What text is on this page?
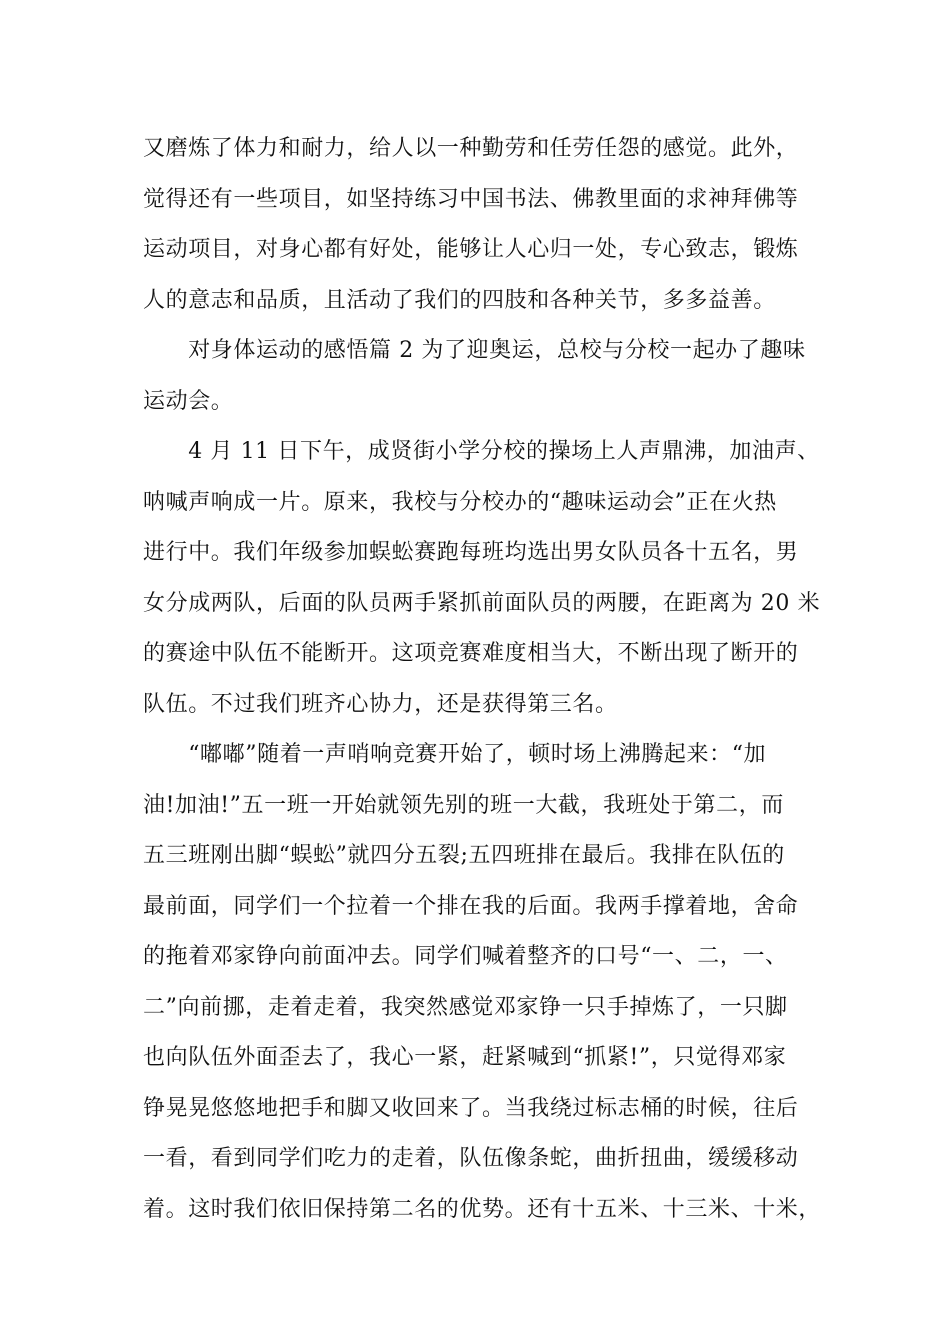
又磨炼了体力和耐力，给人以一种勤劳和任劳任怨的感觉。此外，
觉得还有一些项目，如坚持练习中国书法、佛教里面的求神拜佛等
运动项目，对身心都有好处，能够让人心归一处，专心致志，锻炼
人的意志和品质，且活动了我们的四肢和各种关节，多多益善。
　　对身体运动的感悟篇 2 为了迎奥运，总校与分校一起办了趣味
运动会。
　　4 月 11 日下午，成贤街小学分校的操场上人声鼎沸，加油声、
呐喊声响成一片。原来，我校与分校办的“趣味运动会”正在火热
进行中。我们年级参加蜈蚣赛跑每班均选出男女队员各十五名，男
女分成两队，后面的队员两手紧抓前面队员的两腰，在距离为 20 米
的赛途中队伍不能断开。这项竞赛难度相当大，不断出现了断开的
队伍。不过我们班齐心协力，还是获得第三名。
　　“嘟嘟”随着一声哨响竞赛开始了，顿时场上沸腾起来：“加
油!加油!”五一班一开始就领先别的班一大截，我班处于第二，而
五三班刚出脚“蜈蚣”就四分五裂;五四班排在最后。我排在队伍的
最前面，同学们一个拉着一个排在我的后面。我两手撑着地，舍命
的拖着邓家铮向前面冲去。同学们喊着整齐的口号“一、二，一、
二”向前挪，走着走着，我突然感觉邓家铮一只手掉炼了，一只脚
也向队伍外面歪去了，我心一紧，赶紧喊到“抓紧!”，只觉得邓家
铮晃晃悠悠地把手和脚又收回来了。当我绕过标志桶的时候，往后
一看，看到同学们吃力的走着，队伍像条蛇，曲折扭曲，缓缓移动
着。这时我们依旧保持第二名的优势。还有十五米、十三米、十米，
